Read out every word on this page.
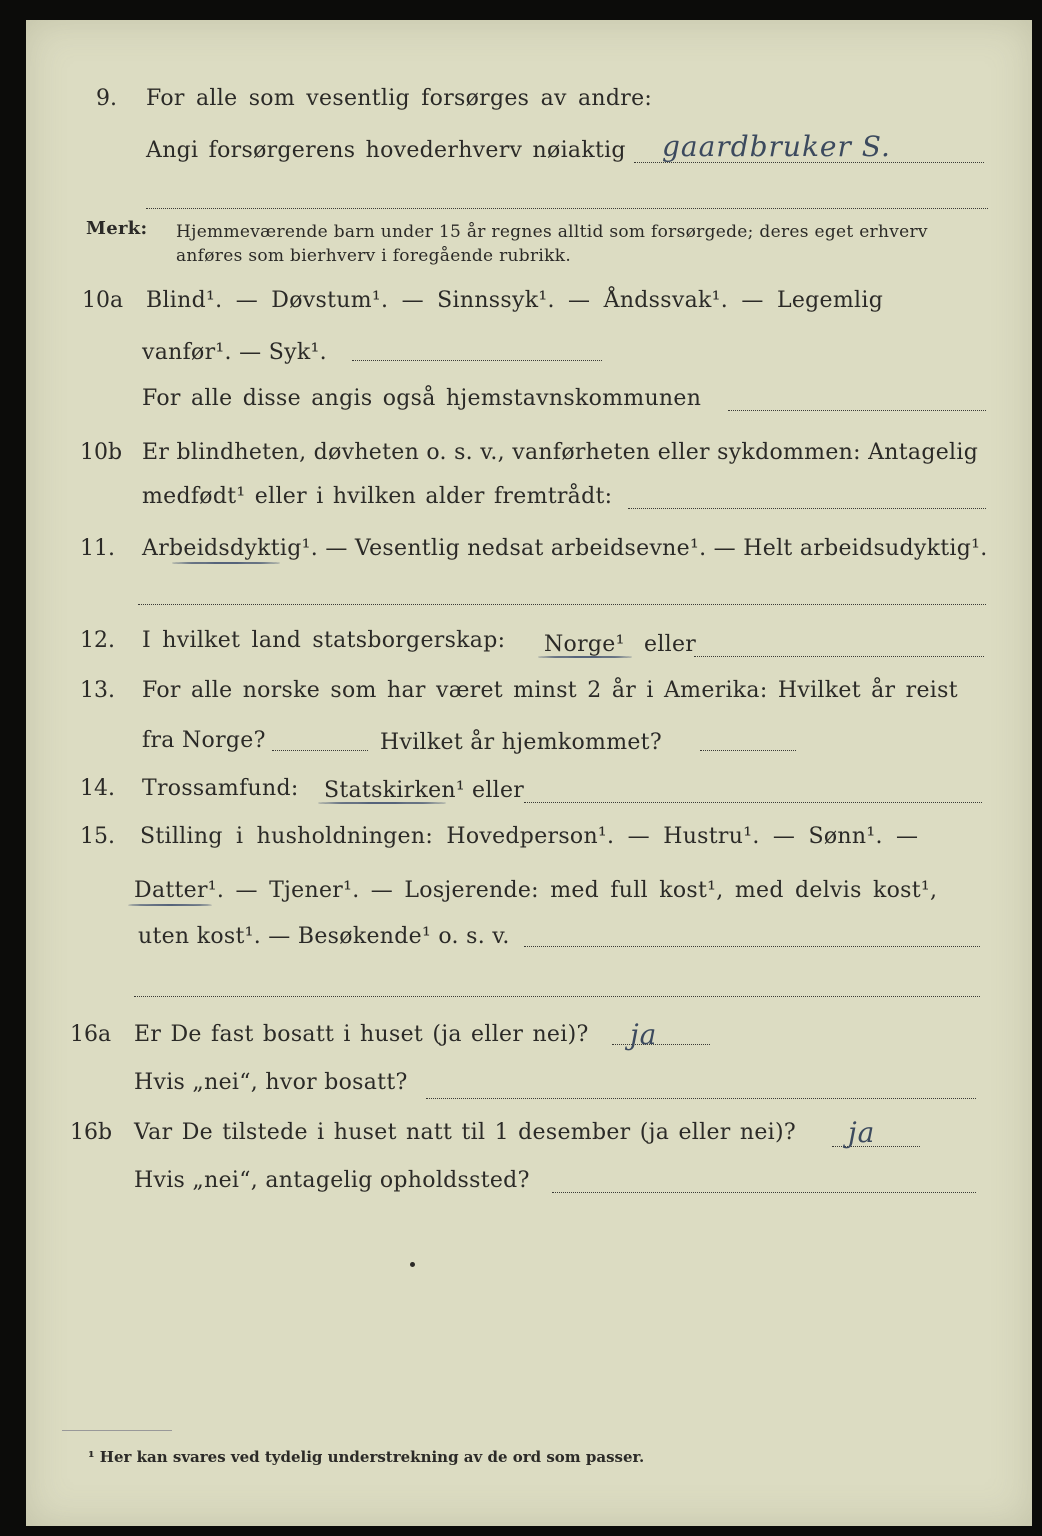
9. For alle som vesentlig forsørges av andre:
Angi forsørgerens hovederhverv nøiaktig gaardbruker S.
Merk: Hjemmeværende barn under 15 år regnes alltid som forsørgede; deres eget erhverv
anføres som bierhverv i foregående rubrikk.
10a Blind¹. — Døvstum¹. — Sinnssyk¹. — Åndssvak¹. — Legemlig
vanfør¹. — Syk¹.
For alle disse angis også hjemstavnskommunen
10b Er blindheten, døvheten o. s. v., vanførheten eller sykdommen: Antagelig
medfødt¹ eller i hvilken alder fremtrådt:
11. Arbeidsdyktig¹. — Vesentlig nedsat arbeidsevne¹. — Helt arbeidsudyktig¹.
12. I hvilket land statsborgerskap: Norge¹ eller
13. For alle norske som har været minst 2 år i Amerika: Hvilket år reist
fra Norge?	Hvilket år hjemkommet?
14. Trossamfund: Statskirken¹ eller
15. Stilling i husholdningen: Hovedperson¹. — Hustru¹. — Sønn¹. —
Datter¹. — Tjener¹. — Losjerende: med full kost¹, med delvis kost¹,
uten kost¹. — Besøkende¹ o. s. v.
16a Er De fast bosatt i huset (ja eller nei)? ja
Hvis „nei“, hvor bosatt?
16b Var De tilstede i huset natt til 1 desember (ja eller nei)? ja
Hvis „nei“, antagelig opholdssted?
¹ Her kan svares ved tydelig understrekning av de ord som passer.
